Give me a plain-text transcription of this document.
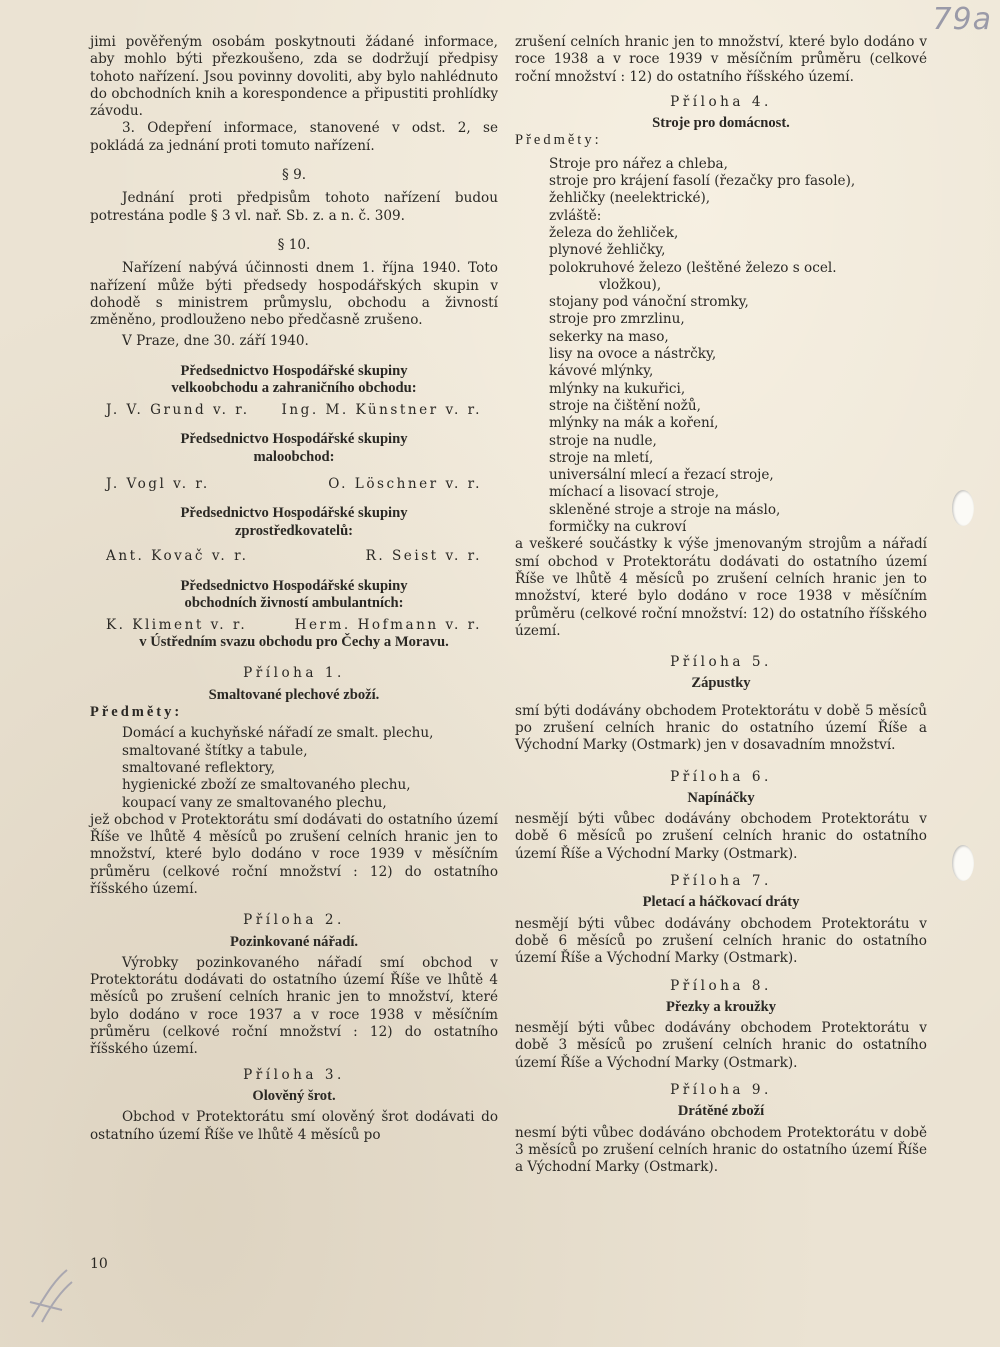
79a

jimi pověřeným osobám poskytnouti žádané informace, aby mohlo býti přezkoušeno, zda se dodržují předpisy tohoto nařízení. Jsou povinny dovoliti, aby bylo nahlédnuto do obchodních knih a korespondence a připustiti prohlídky závodu.

3. Odepření informace, stanovené v odst. 2, se pokládá za jednání proti tomuto nařízení.

§ 9.

Jednání proti předpisům tohoto nařízení budou potrestána podle § 3 vl. nař. Sb. z. a n. č. 309.

§ 10.

Nařízení nabývá účinnosti dnem 1. října 1940. Toto nařízení může býti předsedy hospodářských skupin v dohodě s ministrem průmyslu, obchodu a živností změněno, prodlouženo nebo předčasně zrušeno.

V Praze, dne 30. září 1940.

Předsednictvo Hospodářské skupiny
velkoobchodu a zahraničního obchodu:
J. V. Grund v. r. Ing. M. Künstner v. r.
Předsednictvo Hospodářské skupiny
maloobchod:
J. Vogl v. r.	O. Löschner v. r.
Předsednictvo Hospodářské skupiny
zprostředkovatelů:
Ant. Kovač v. r.	R. Seist v. r.
Předsednictvo Hospodářské skupiny
obchodních živností ambulantních:
K. Kliment v. r.	Herm. Hofmann v. r.

v Ústředním svazu obchodu pro Čechy a Moravu.

Příloha 1.

Smaltované plechové zboží.

Předměty:

Domácí a kuchyňské nářadí ze smalt. plechu,
smaltované štítky a tabule,
smaltované reflektory,
hygienické zboží ze smaltovaného plechu,
koupací vany ze smaltovaného plechu,

jež obchod v Protektorátu smí dodávati do ostatního území Říše ve lhůtě 4 měsíců po zrušení celních hranic jen to množství, které bylo dodáno v roce 1939 v měsíčním průměru (celkové roční množství : 12) do ostatního říšského území.

Příloha 2.

Pozinkované nářadí.

Výrobky pozinkovaného nářadí smí obchod v Protektorátu dodávati do ostatního území Říše ve lhůtě 4 měsíců po zrušení celních hranic jen to množství, které bylo dodáno v roce 1937 a v roce 1938 v měsíčním průměru (celkové roční množství : 12) do ostatního říšského území.

Příloha 3.

Olověný šrot.

Obchod v Protektorátu smí olověný šrot dodávati do ostatního území Říše ve lhůtě 4 měsíců po

zrušení celních hranic jen to množství, které bylo dodáno v roce 1938 a v roce 1939 v měsíčním průměru (celkové roční množství : 12) do ostatního říšského území.

Příloha 4.

Stroje pro domácnost.

Předměty:

Stroje pro nářez a chleba,
stroje pro krájení fasolí (řezačky pro fasole),
žehličky (neelektrické),
zvláště:
železa do žehliček,
plynové žehličky,
polokruhové železo (leštěné železo s ocel.
vložkou),
stojany pod vánoční stromky,
stroje pro zmrzlinu,
sekerky na maso,
lisy na ovoce a nástrčky,
kávové mlýnky,
mlýnky na kukuřici,
stroje na čištění nožů,
mlýnky na mák a koření,
stroje na nudle,
stroje na mletí,
universální mlecí a řezací stroje,
míchací a lisovací stroje,
skleněné stroje a stroje na máslo,
formičky na cukroví

a veškeré součástky k výše jmenovaným strojům a nářadí smí obchod v Protektorátu dodávati do ostatního území Říše ve lhůtě 4 měsíců po zrušení celních hranic jen to množství, které bylo dodáno v roce 1938 v měsíčním průměru (celkové roční množství: 12) do ostatního říšského území.

Příloha 5.

Zápustky

smí býti dodávány obchodem Protektorátu v době 5 měsíců po zrušení celních hranic do ostatního území Říše a Východní Marky (Ostmark) jen v dosavadním množství.

Příloha 6.

Napínáčky

nesmějí býti vůbec dodávány obchodem Protektorátu v době 6 měsíců po zrušení celních hranic do ostatního území Říše a Východní Marky (Ostmark).

Příloha 7.

Pletací a háčkovací dráty

nesmějí býti vůbec dodávány obchodem Protektorátu v době 6 měsíců po zrušení celních hranic do ostatního území Říše a Východní Marky (Ostmark).

Příloha 8.

Přezky a kroužky

nesmějí býti vůbec dodávány obchodem Protektorátu v době 3 měsíců po zrušení celních hranic do ostatního území Říše a Východní Marky (Ostmark).

Příloha 9.

Drátěné zboží

nesmí býti vůbec dodáváno obchodem Protektorátu v době 3 měsíců po zrušení celních hranic do ostatního území Říše a Východní Marky (Ostmark).

10
